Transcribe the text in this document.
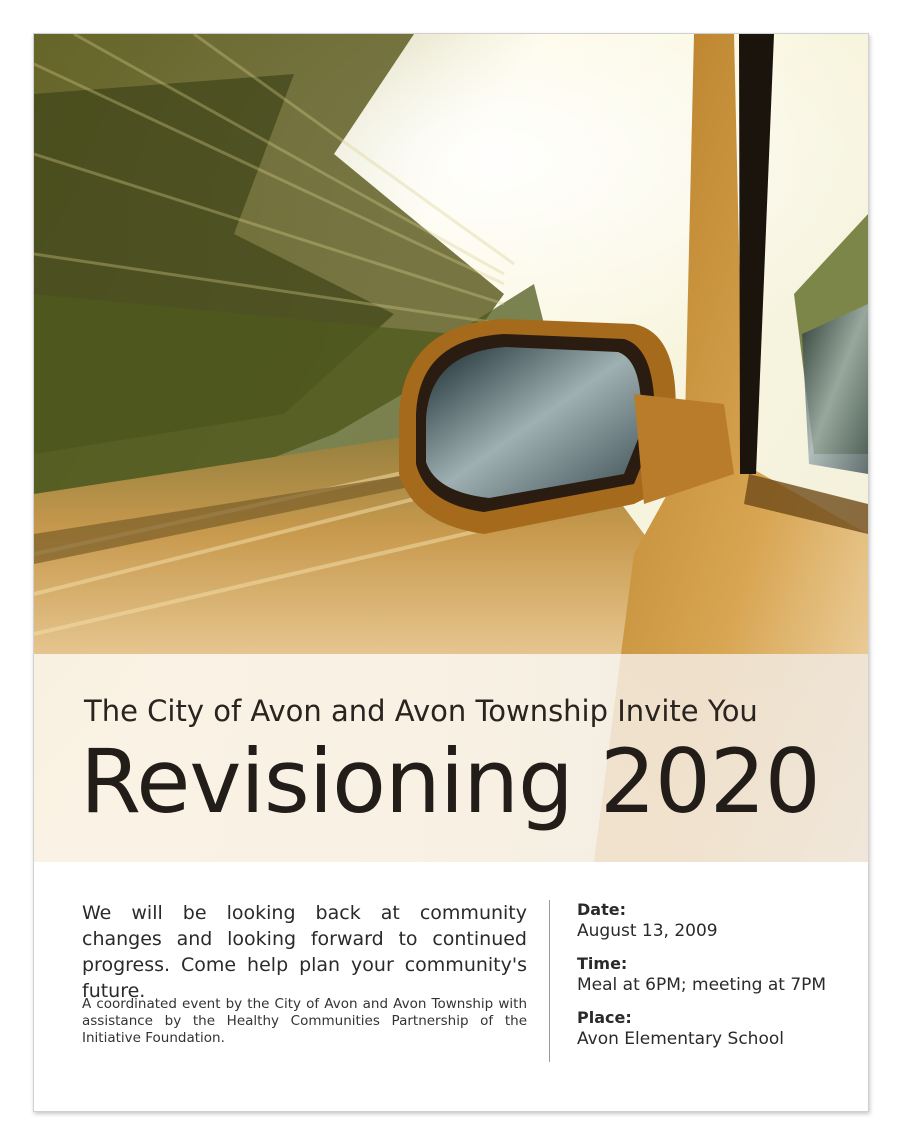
The City of Avon and Avon Township Invite You
Revisioning 2020
We will be looking back at community changes and looking forward to continued progress. Come help plan your community's future.
A coordinated event by the City of Avon and Avon Township with assistance by the Healthy Communities Partnership of the Initiative Foundation.
Date:
August 13, 2009
Time:
Meal at 6PM; meeting at 7PM
Place:
Avon Elementary School
